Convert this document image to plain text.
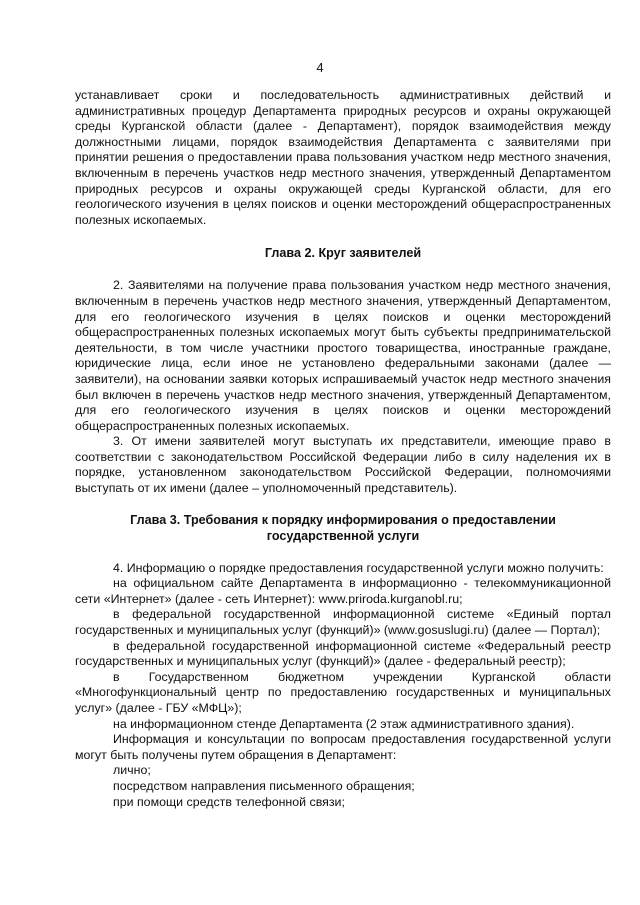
4

устанавливает сроки и последовательность административных действий и административных процедур Департамента природных ресурсов и охраны окружающей среды Курганской области (далее - Департамент), порядок взаимодействия между должностными лицами, порядок взаимодействия Департамента с заявителями при принятии решения о предоставлении права пользования участком недр местного значения, включенным в перечень участков недр местного значения, утвержденный Департаментом природных ресурсов и охраны окружающей среды Курганской области, для его геологического изучения в целях поисков и оценки месторождений общераспространенных полезных ископаемых.

Глава 2. Круг заявителей

2. Заявителями на получение права пользования участком недр местного значения, включенным в перечень участков недр местного значения, утвержденный Департаментом, для его геологического изучения в целях поисков и оценки месторождений общераспространенных полезных ископаемых могут быть субъекты предпринимательской деятельности, в том числе участники простого товарищества, иностранные граждане, юридические лица, если иное не установлено федеральными законами (далее — заявители), на основании заявки которых испрашиваемый участок недр местного значения был включен в перечень участков недр местного значения, утвержденный Департаментом, для его геологического изучения в целях поисков и оценки месторождений общераспространенных полезных ископаемых.

3. От имени заявителей могут выступать их представители, имеющие право в соответствии с законодательством Российской Федерации либо в силу наделения их в порядке, установленном законодательством Российской Федерации, полномочиями выступать от их имени (далее – уполномоченный представитель).

Глава 3. Требования к порядку информирования о предоставлении

государственной услуги

4. Информацию о порядке предоставления государственной услуги можно получить:

на официальном сайте Департамента в информационно - телекоммуникационной сети «Интернет» (далее - сеть Интернет): www.priroda.kurganobl.ru;

в федеральной государственной информационной системе «Единый портал государственных и муниципальных услуг (функций)» (www.gosuslugi.ru) (далее — Портал);

в федеральной государственной информационной системе «Федеральный реестр государственных и муниципальных услуг (функций)» (далее - федеральный реестр);

в Государственном бюджетном учреждении Курганской области «Многофункциональный центр по предоставлению государственных и муниципальных услуг» (далее - ГБУ «МФЦ»);

на информационном стенде Департамента (2 этаж административного здания).

Информация и консультации по вопросам предоставления государственной услуги могут быть получены путем обращения в Департамент:

лично;

посредством направления письменного обращения;

при помощи средств телефонной связи;
